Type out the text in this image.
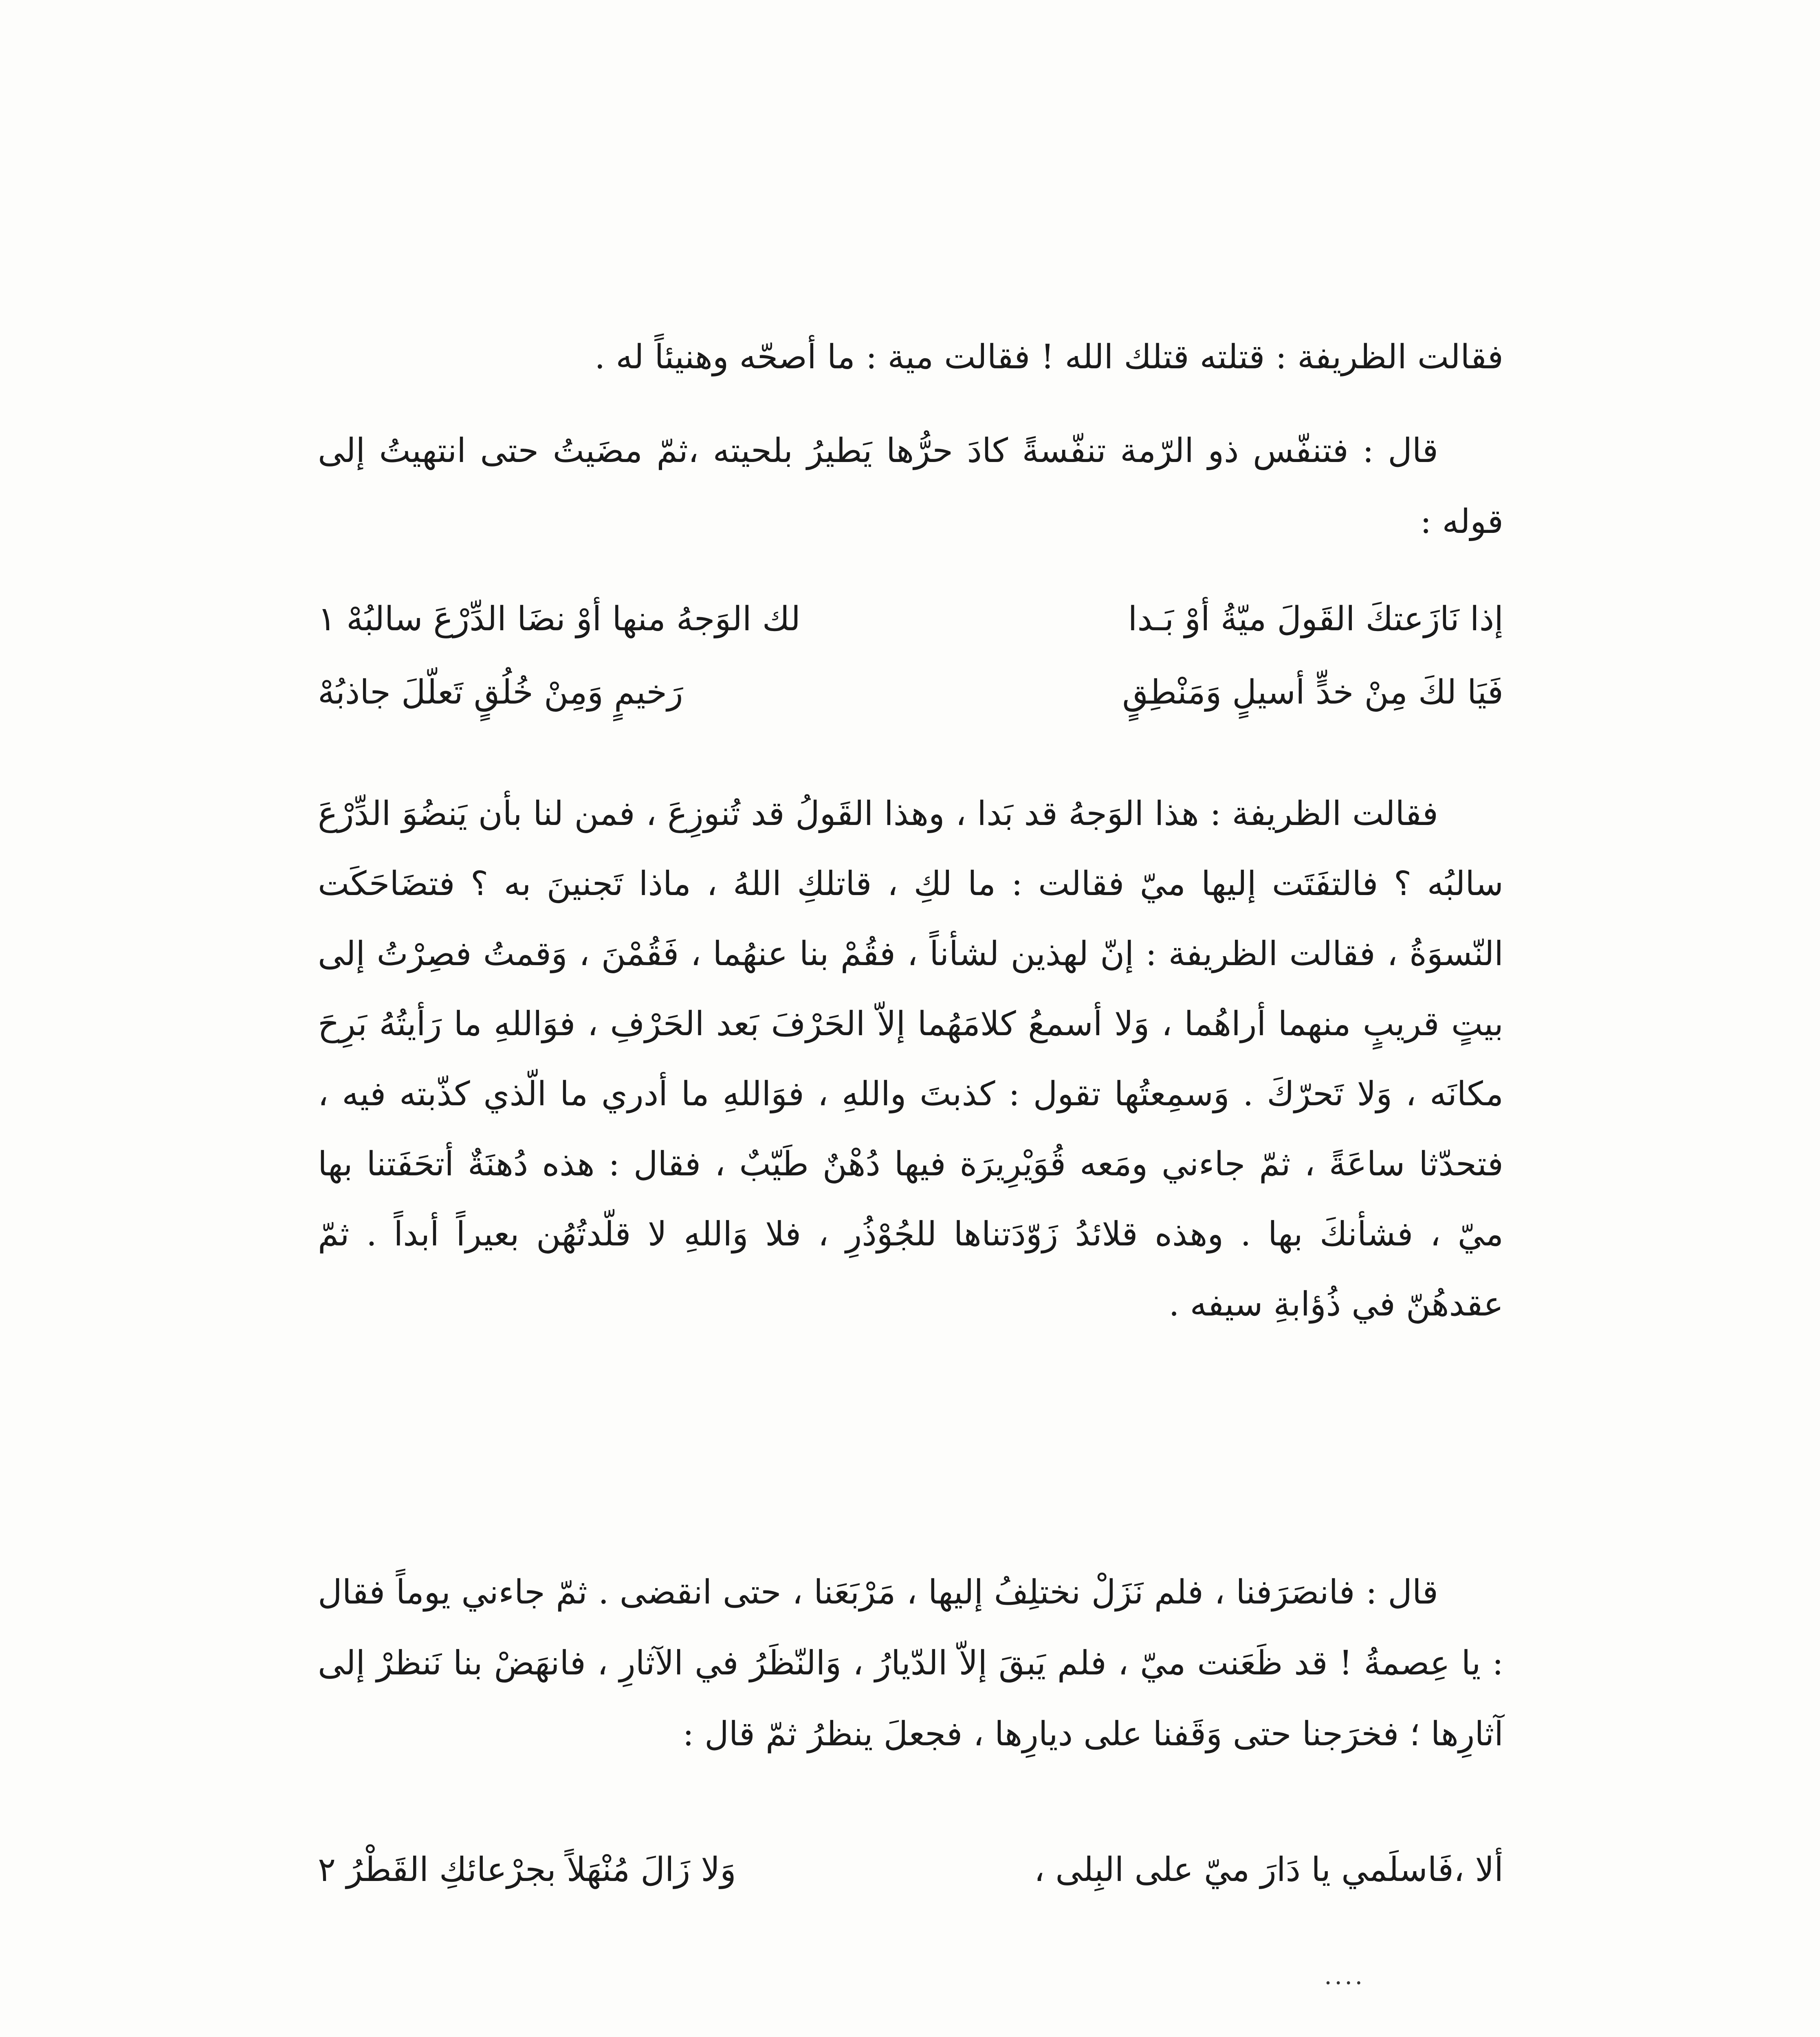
فقالت الظريفة : قتلته قتلك الله ! فقالت مية : ما أصحّه وهنيئاً له .

قال : فتنفّس ذو الرّمة تنفّسةً كادَ حرُّها يَطيرُ بلحيته ،ثمّ مضَيتُ حتى انتهيتُ إلى قوله :

إذا نَازَعتكَ القَولَ ميّةُ أوْ بَـدا
لك الوَجهُ منها أوْ نضَا الدِّرْعَ سالبُهْ ١
فَيَا لكَ مِنْ خدٍّ أسيلٍ وَمَنْطِقٍ
رَخيمٍ وَمِنْ خُلُقٍ تَعلّلَ جاذبُهْ

فقالت الظريفة : هذا الوَجهُ قد بَدا ، وهذا القَولُ قد تُنوزِعَ ، فمن لنا بأن يَنضُوَ الدِّرْعَ سالبُه ؟ فالتفَتَت إليها ميّ فقالت : ما لكِ ، قاتلكِ اللهُ ، ماذا تَجنينَ به ؟ فتضَاحَكَت النّسوَةُ ، فقالت الظريفة : إنّ لهذين لشأناً ، فقُمْ بنا عنهُما ، فَقُمْنَ ، وَقمتُ فصِرْتُ إلى بيتٍ قريبٍ منهما أراهُما ، وَلا أسمعُ كلامَهُما إلاّ الحَرْفَ بَعد الحَرْفِ ، فوَاللهِ ما رَأيتُهُ بَرِحَ مكانَه ، وَلا تَحرّكَ . وَسمِعتُها تقول : كذبتَ واللهِ ، فوَاللهِ ما أدري ما الّذي كذّبته فيه ، فتحدّثا ساعَةً ، ثمّ جاءني ومَعه قُوَيْرِيرَة فيها دُهْنٌ طَيّبٌ ، فقال : هذه دُهنَةٌ أتحَفَتنا بها ميّ ، فشأنكَ بها . وهذه قلائدُ زَوّدَتناها للجُوْذُرِ ، فلا وَاللهِ لا قلّدتُهُن بعيراً أبداً . ثمّ عقدهُنّ في ذُؤابةِ سيفه .

قال : فانصَرَفنا ، فلم نَزَلْ نختلِفُ إليها ، مَرْبَعَنا ، حتى انقضى . ثمّ جاءني يوماً فقال : يا عِصمةُ ! قد ظَعَنت ميّ ، فلم يَبقَ إلاّ الدّيارُ ، وَالنّظَرُ في الآثارِ ، فانهَضْ بنا نَنظرْ إلى آثارِها ؛ فخرَجنا حتى وَقَفنا على ديارِها ، فجعلَ ينظرُ ثمّ قال :

ألا ،فَاسلَمي يا دَارَ ميّ على البِلى ،
وَلا زَالَ مُنْهَلاً بجرْعائكِ القَطْرُ ٢
....
